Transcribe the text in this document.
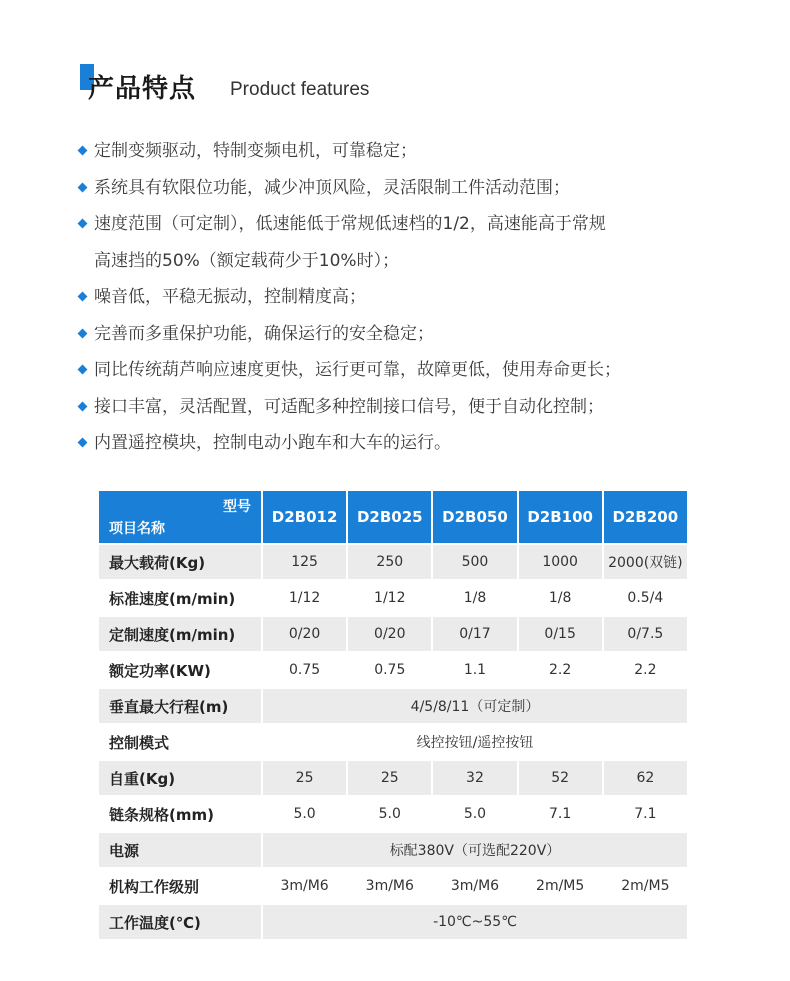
产品特点 Product features
定制变频驱动，特制变频电机，可靠稳定；
系统具有软限位功能，减少冲顶风险，灵活限制工件活动范围；
速度范围（可定制），低速能低于常规低速档的1/2，高速能高于常规
高速挡的50%（额定载荷少于10%时）；
噪音低，平稳无振动，控制精度高；
完善而多重保护功能，确保运行的安全稳定；
同比传统葫芦响应速度更快，运行更可靠，故障更低，使用寿命更长；
接口丰富，灵活配置，可适配多种控制接口信号，便于自动化控制；
内置遥控模块，控制电动小跑车和大车的运行。
型号
项目名称	D2B012	D2B025	D2B050	D2B100	D2B200
最大载荷(Kg)	125	250	500	1000	2000(双链)
标准速度(m/min)	1/12	1/12	1/8	1/8	0.5/4
定制速度(m/min)	0/20	0/20	0/17	0/15	0/7.5
额定功率(KW)	0.75	0.75	1.1	2.2	2.2
垂直最大行程(m)	4/5/8/11（可定制）				
控制模式	线控按钮/遥控按钮				
自重(Kg)	25	25	32	52	62
链条规格(mm)	5.0	5.0	5.0	7.1	7.1
电源	标配380V（可选配220V）				
机构工作级别	3m/M6	3m/M6	3m/M6	2m/M5	2m/M5
工作温度(℃)	-10℃~55℃				
